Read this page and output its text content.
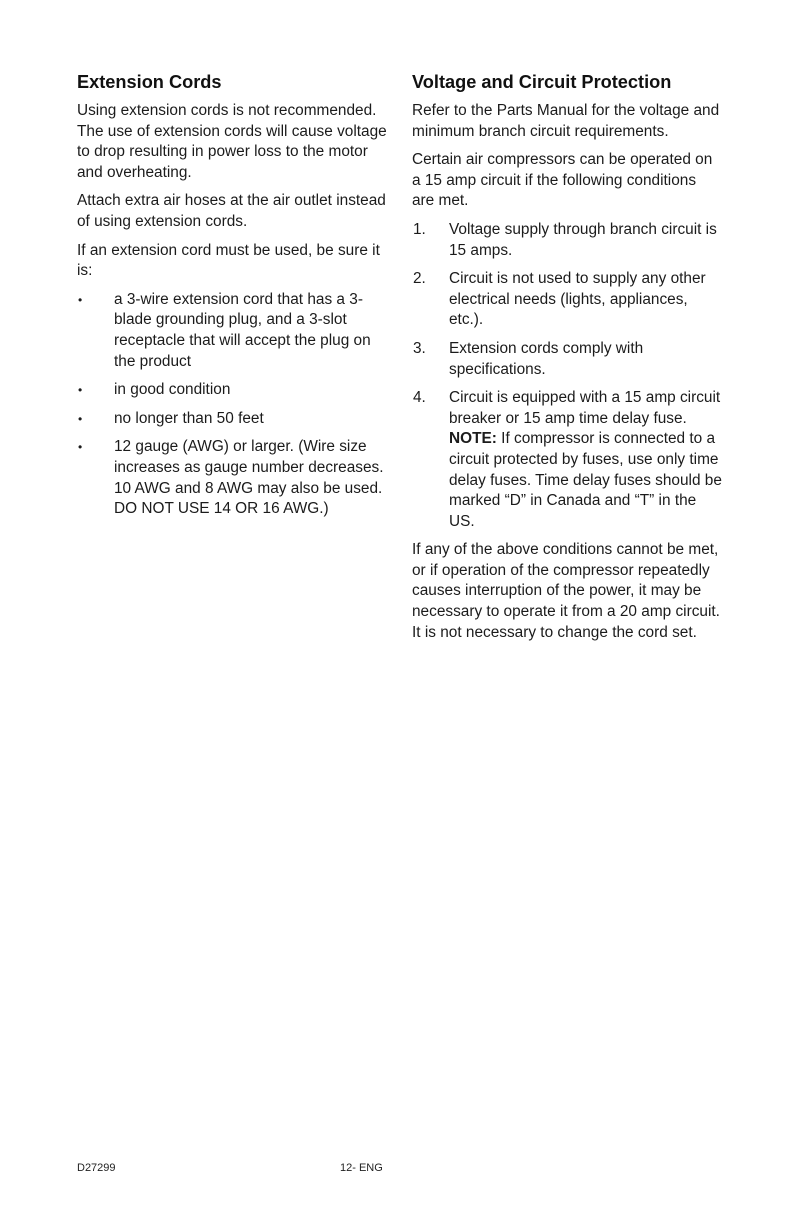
Extension Cords

Using extension cords is not recommended. The use of extension cords will cause voltage to drop resulting in power loss to the motor and overheating.

Attach extra air hoses at the air outlet instead of using extension cords.

If an extension cord must be used, be sure it is:

• a 3-wire extension cord that has a 3-blade grounding plug, and a 3-slot receptacle that will accept the plug on the product
• in good condition
• no longer than 50 feet
• 12 gauge (AWG) or larger. (Wire size increases as gauge number decreases. 10 AWG and 8 AWG may also be used. DO NOT USE 14 OR 16 AWG.)
Voltage and Circuit Protection

Refer to the Parts Manual for the voltage and minimum branch circuit requirements.

Certain air compressors can be operated on a 15 amp circuit if the following conditions are met.

1. Voltage supply through branch circuit is 15 amps.
2. Circuit is not used to supply any other electrical needs (lights, appliances, etc.).
3. Extension cords comply with specifications.
4. Circuit is equipped with a 15 amp circuit breaker or 15 amp time delay fuse. NOTE: If compressor is connected to a circuit protected by fuses, use only time delay fuses. Time delay fuses should be marked “D” in Canada and “T” in the US.

If any of the above conditions cannot be met, or if operation of the compressor repeatedly causes interruption of the power, it may be necessary to operate it from a 20 amp circuit. It is not necessary to change the cord set.

D27299	12- ENG
